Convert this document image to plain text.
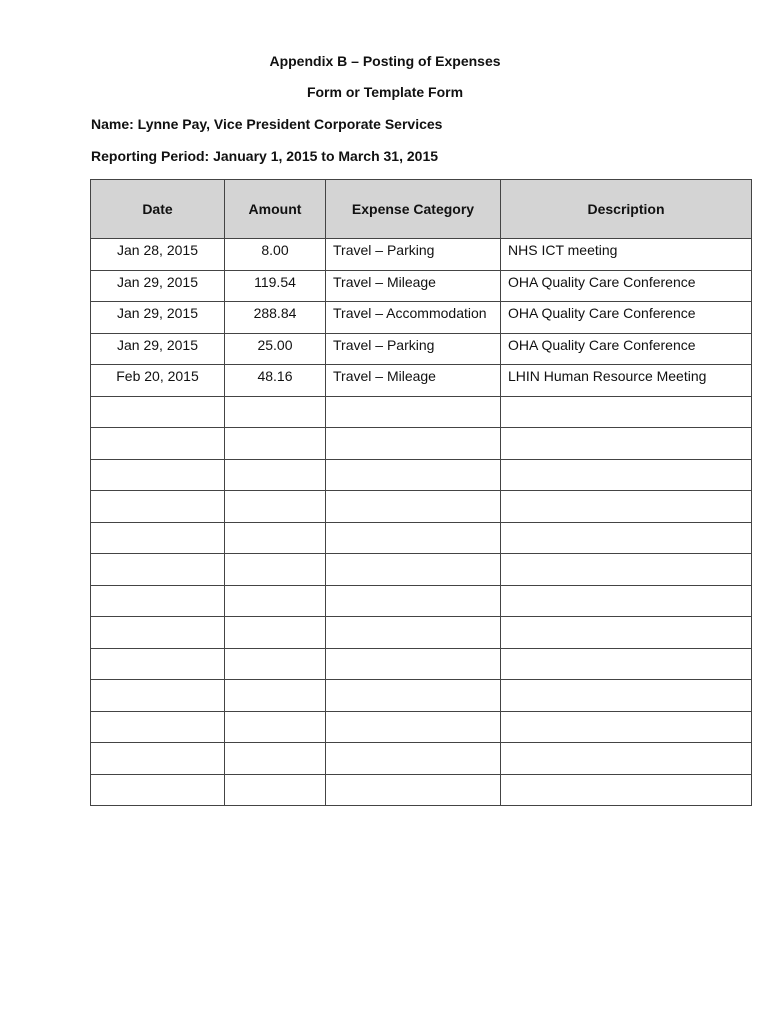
Appendix B – Posting of Expenses
Form or Template Form
Name: Lynne Pay, Vice President Corporate Services
Reporting Period: January 1, 2015 to March 31, 2015
Date	Amount	Expense Category	Description
Jan 28, 2015	8.00	Travel – Parking	NHS ICT meeting
Jan 29, 2015	119.54	Travel – Mileage	OHA Quality Care Conference
Jan 29, 2015	288.84	Travel – Accommodation	OHA Quality Care Conference
Jan 29, 2015	25.00	Travel – Parking	OHA Quality Care Conference
Feb 20, 2015	48.16	Travel – Mileage	LHIN Human Resource Meeting
